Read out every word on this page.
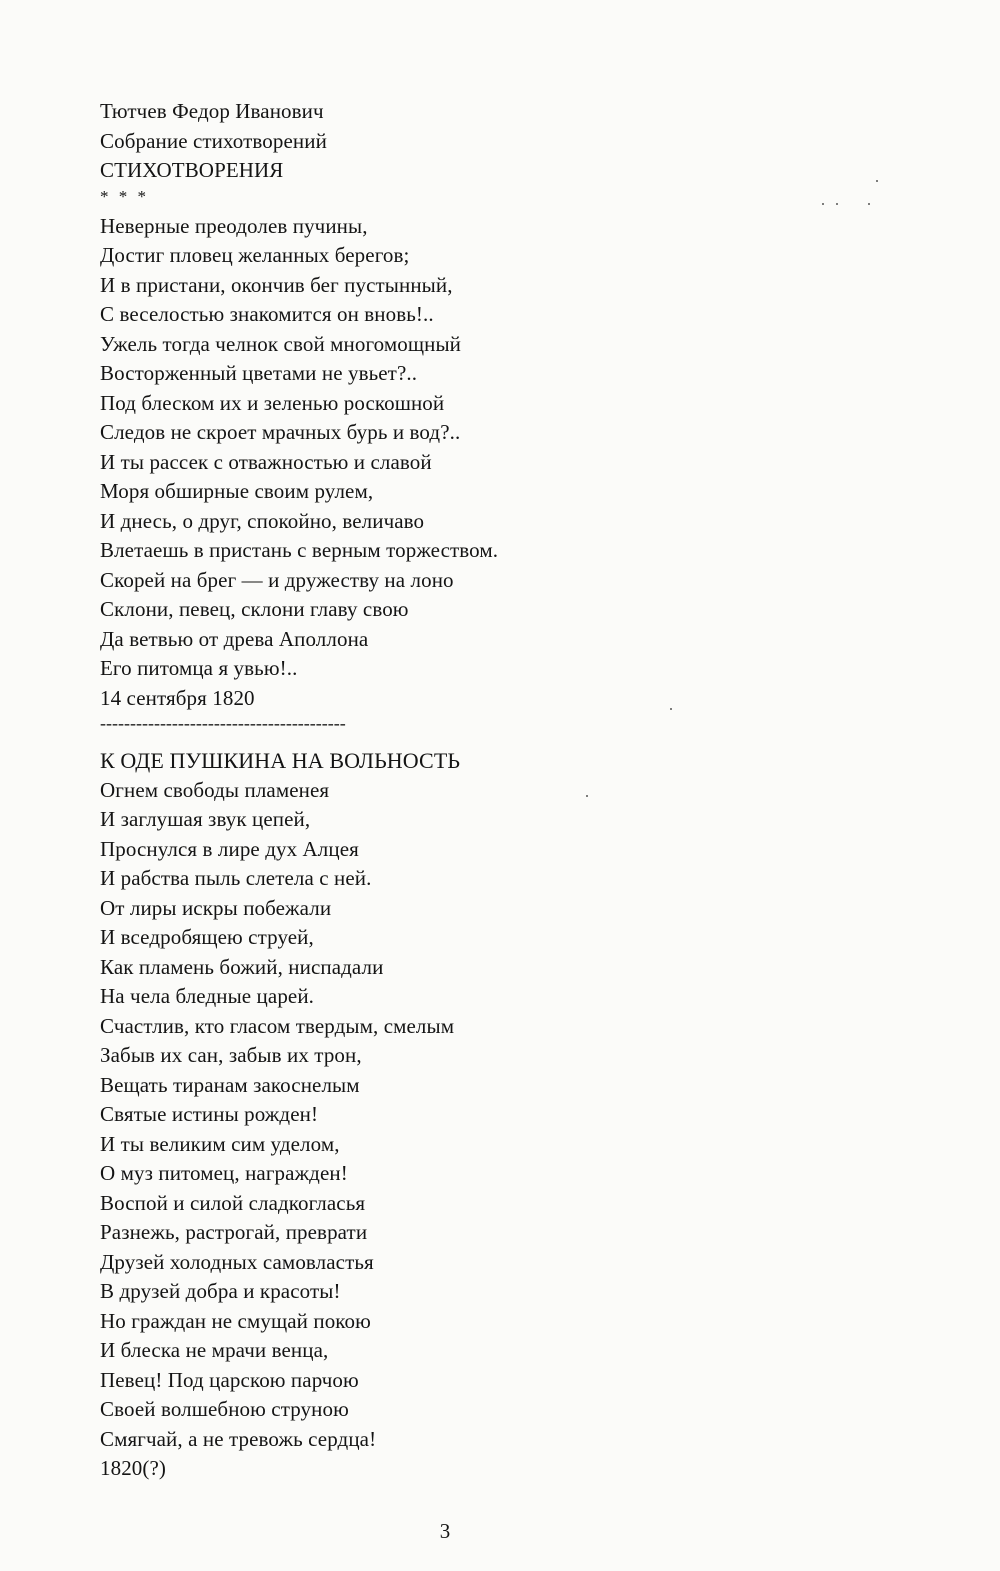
Тютчев Федор Иванович
Собрание стихотворений
СТИХОТВОРЕНИЯ
* * *
Неверные преодолев пучины,
Достиг пловец желанных берегов;
И в пристани, окончив бег пустынный,
С веселостью знакомится он вновь!..
Ужель тогда челнок свой многомощный
Восторженный цветами не увьет?..
Под блеском их и зеленью роскошной
Следов не скроет мрачных бурь и вод?..
И ты рассек с отважностью и славой
Моря обширные своим рулем,
И днесь, о друг, спокойно, величаво
Влетаешь в пристань с верным торжеством.
Скорей на брег — и дружеству на лоно
Склони, певец, склони главу свою
Да ветвью от древа Аполлона
Его питомца я увью!..
14 сентября 1820
-----------------------------------------
К ОДЕ ПУШКИНА НА ВОЛЬНОСТЬ
Огнем свободы пламенея
И заглушая звук цепей,
Проснулся в лире дух Алцея
И рабства пыль слетела с ней.
От лиры искры побежали
И вседробящею струей,
Как пламень божий, ниспадали
На чела бледные царей.
Счастлив, кто гласом твердым, смелым
Забыв их сан, забыв их трон,
Вещать тиранам закоснелым
Святые истины рожден!
И ты великим сим уделом,
О муз питомец, награжден!
Воспой и силой сладкогласья
Разнежь, растрогай, преврати
Друзей холодных самовластья
В друзей добра и красоты!
Но граждан не смущай покою
И блеска не мрачи венца,
Певец! Под царскою парчою
Своей волшебною струною
Смягчай, а не тревожь сердца!
1820(?)
3
